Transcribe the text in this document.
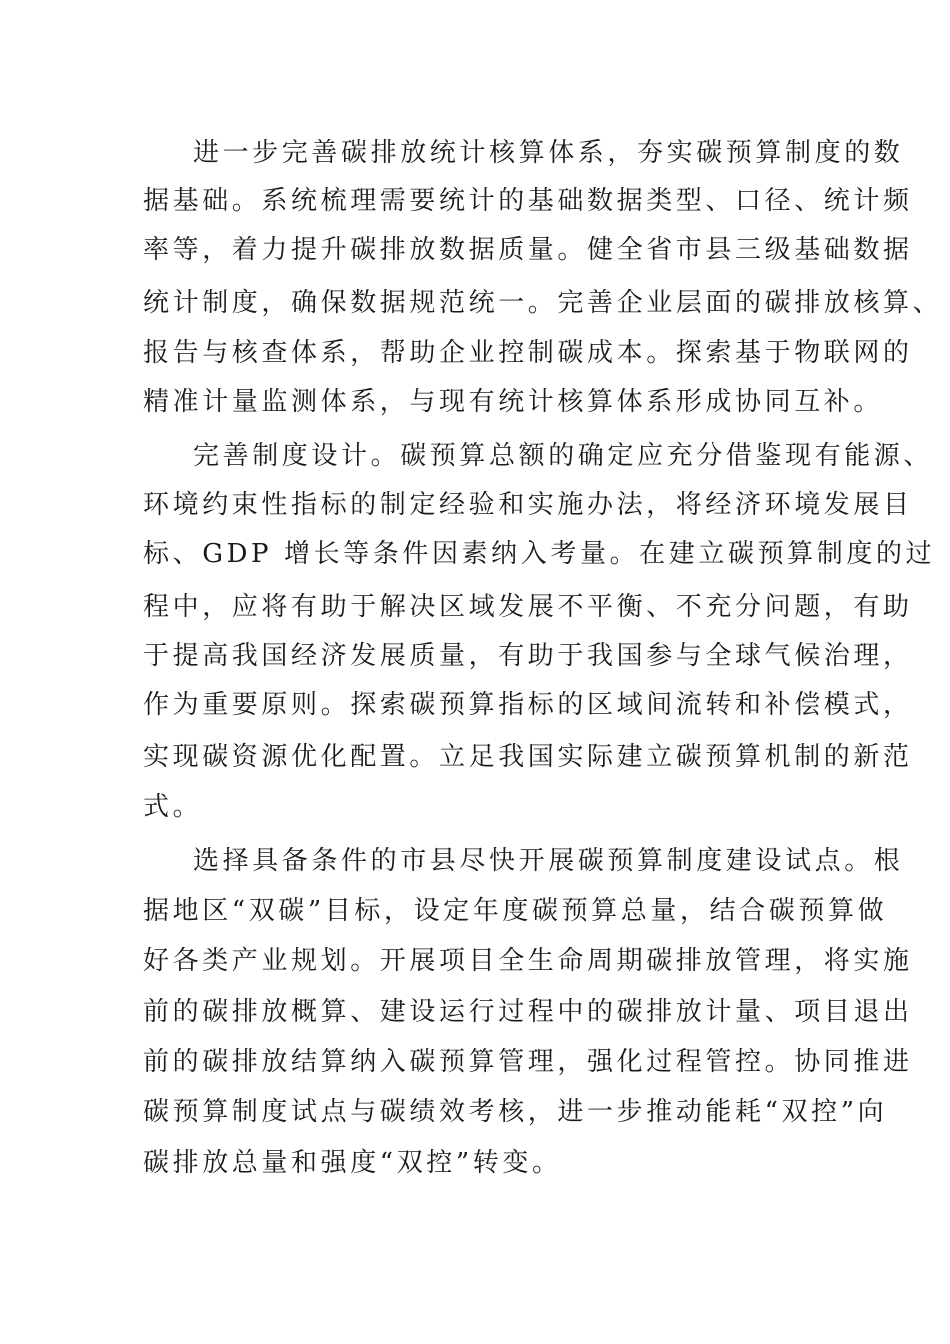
进一步完善碳排放统计核算体系，夯实碳预算制度的数
据基础。系统梳理需要统计的基础数据类型、口径、统计频
率等，着力提升碳排放数据质量。健全省市县三级基础数据
统计制度，确保数据规范统一。完善企业层面的碳排放核算、
报告与核查体系，帮助企业控制碳成本。探索基于物联网的
精准计量监测体系，与现有统计核算体系形成协同互补。
完善制度设计。碳预算总额的确定应充分借鉴现有能源、
环境约束性指标的制定经验和实施办法，将经济环境发展目
标、GDP 增长等条件因素纳入考量。在建立碳预算制度的过
程中，应将有助于解决区域发展不平衡、不充分问题，有助
于提高我国经济发展质量，有助于我国参与全球气候治理，
作为重要原则。探索碳预算指标的区域间流转和补偿模式，
实现碳资源优化配置。立足我国实际建立碳预算机制的新范
式。
选择具备条件的市县尽快开展碳预算制度建设试点。根
据地区“双碳”目标，设定年度碳预算总量，结合碳预算做
好各类产业规划。开展项目全生命周期碳排放管理，将实施
前的碳排放概算、建设运行过程中的碳排放计量、项目退出
前的碳排放结算纳入碳预算管理，强化过程管控。协同推进
碳预算制度试点与碳绩效考核，进一步推动能耗“双控”向
碳排放总量和强度“双控”转变。
